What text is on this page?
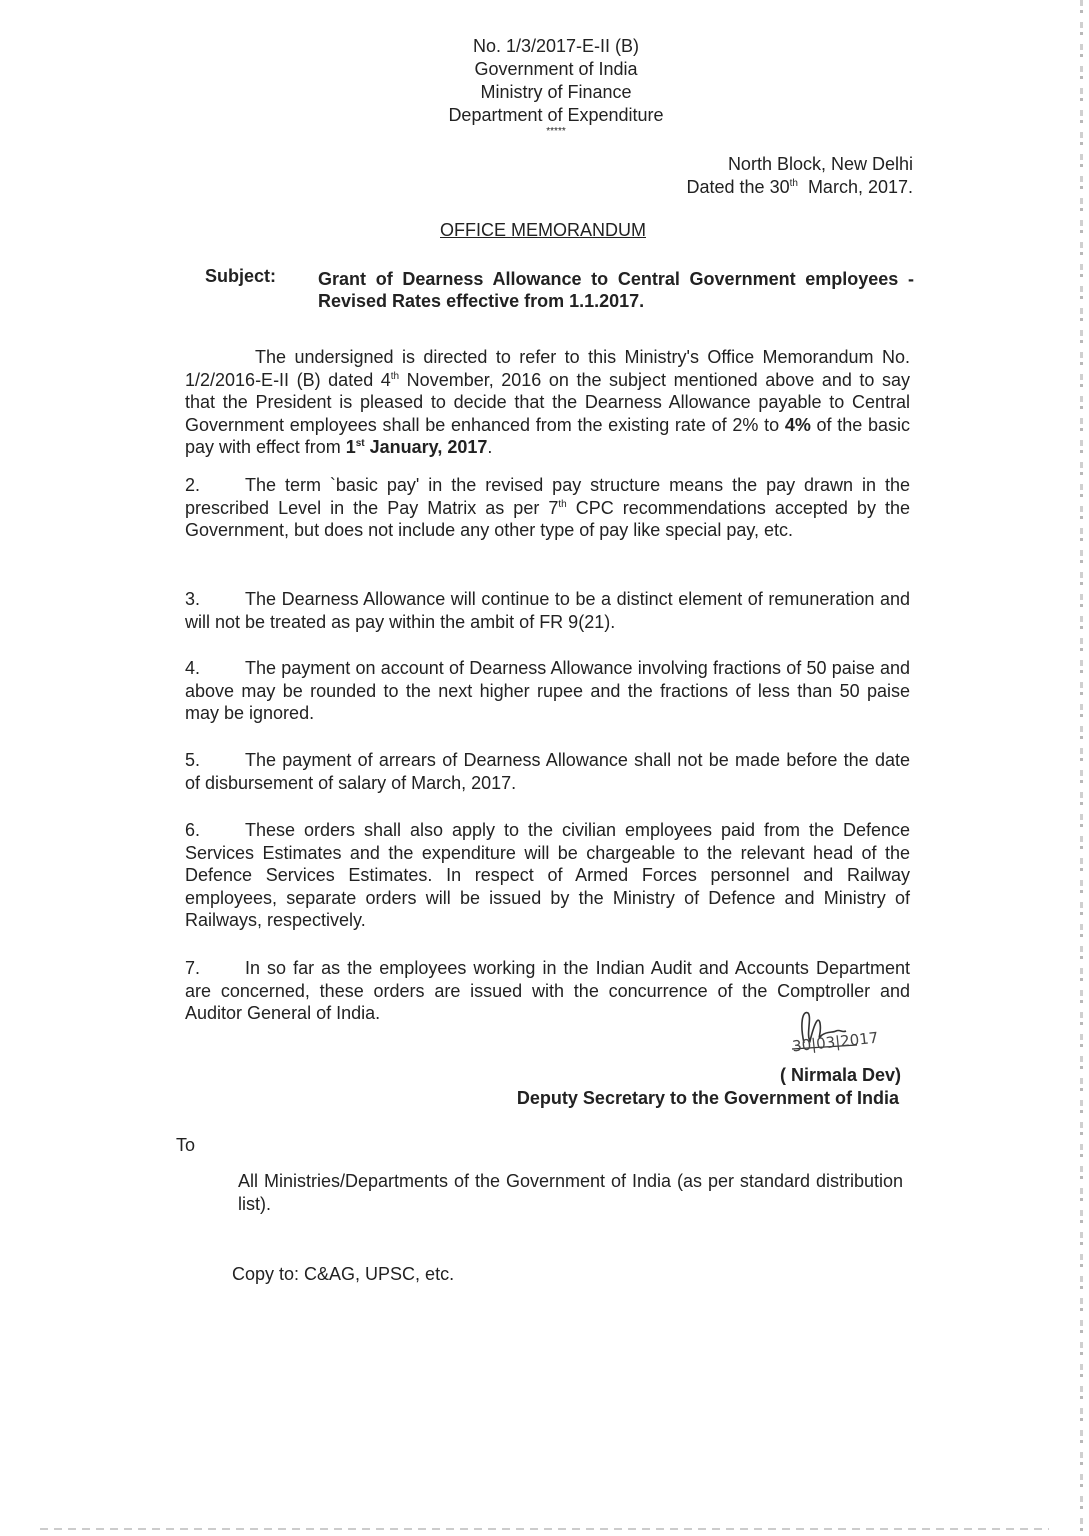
No. 1/3/2017-E-II (B)
Government of India
Ministry of Finance
Department of Expenditure
*****
North Block, New Delhi
Dated the 30th  March, 2017.
OFFICE MEMORANDUM
Subject: Grant of Dearness Allowance to Central Government employees - Revised Rates effective from 1.1.2017.
The undersigned is directed to refer to this Ministry's Office Memorandum No. 1/2/2016-E-II (B) dated 4th November, 2016 on the subject mentioned above and to say that the President is pleased to decide that the Dearness Allowance payable to Central Government employees shall be enhanced from the existing rate of 2% to 4% of the basic pay with effect from 1st January, 2017.
2. The term `basic pay' in the revised pay structure means the pay drawn in the prescribed Level in the Pay Matrix as per 7th CPC recommendations accepted by the Government, but does not include any other type of pay like special pay, etc.
3. The Dearness Allowance will continue to be a distinct element of remuneration and will not be treated as pay within the ambit of FR 9(21).
4. The payment on account of Dearness Allowance involving fractions of 50 paise and above may be rounded to the next higher rupee and the fractions of less than 50 paise may be ignored.
5. The payment of arrears of Dearness Allowance shall not be made before the date of disbursement of salary of March, 2017.
6. These orders shall also apply to the civilian employees paid from the Defence Services Estimates and the expenditure will be chargeable to the relevant head of the Defence Services Estimates. In respect of Armed Forces personnel and Railway employees, separate orders will be issued by the Ministry of Defence and Ministry of Railways, respectively.
7. In so far as the employees working in the Indian Audit and Accounts Department are concerned, these orders are issued with the concurrence of the Comptroller and Auditor General of India.
30|03|2017
( Nirmala Dev)
Deputy Secretary to the Government of India
To
All Ministries/Departments of the Government of India (as per standard distribution list).
Copy to: C&AG, UPSC, etc.
